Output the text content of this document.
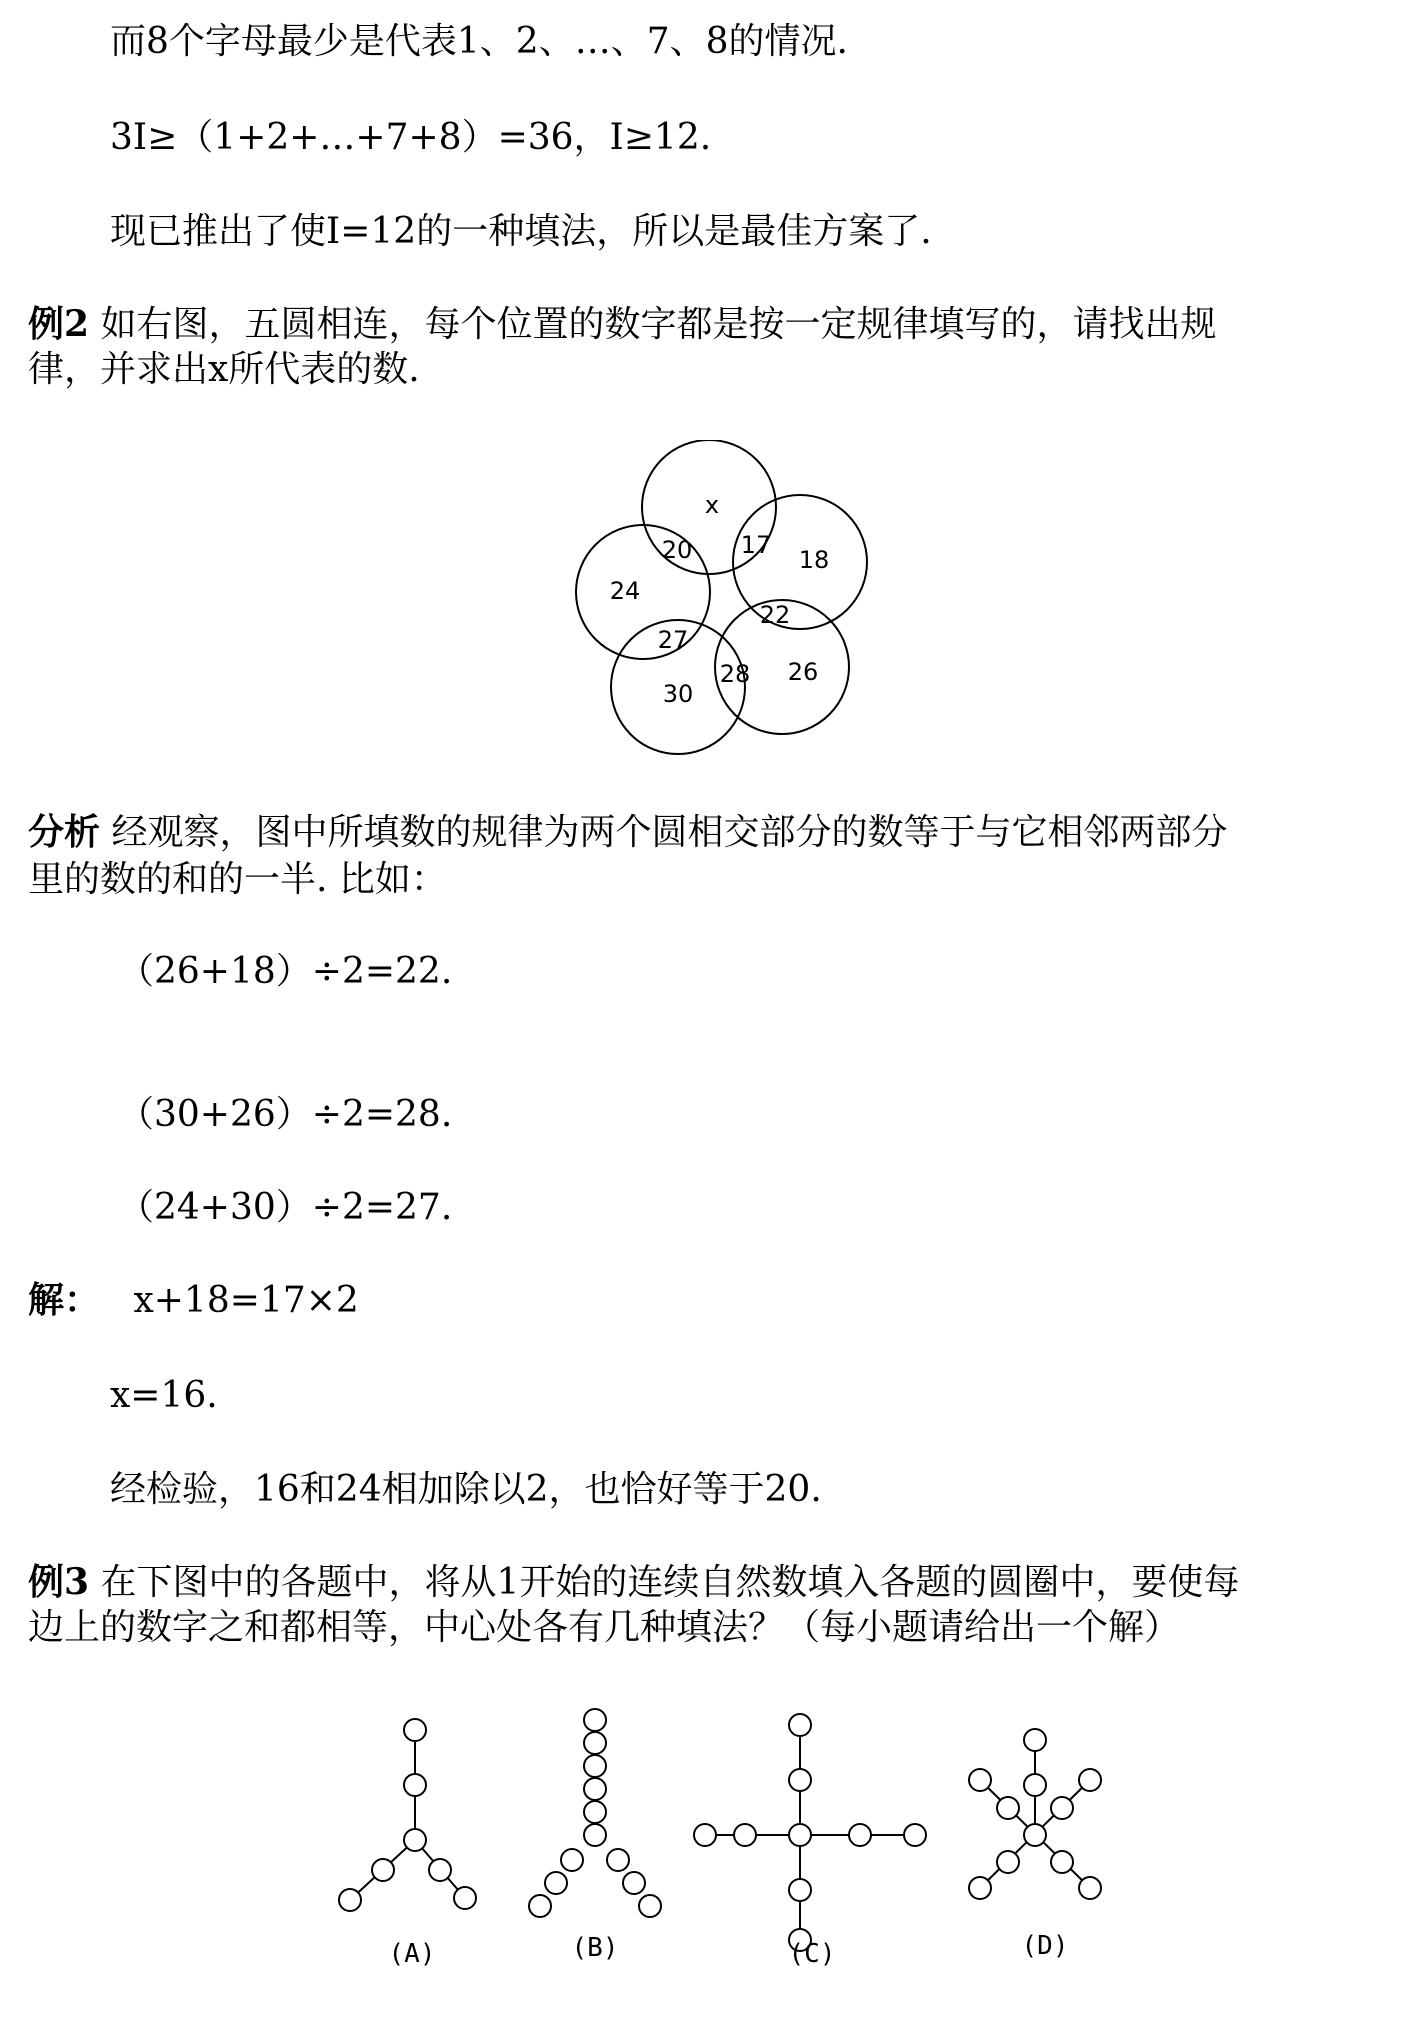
而8个字母最少是代表1、2、…、7、8的情况.
3I≥（1+2+…+7+8）=36，I≥12.
现已推出了使I=12的一种填法，所以是最佳方案了.
例2 如右图，五圆相连，每个位置的数字都是按一定规律填写的，请找出规
律，并求出x所代表的数.
x
20 17
18
24
22
27
28 26
30
分析 经观察，图中所填数的规律为两个圆相交部分的数等于与它相邻两部分
里的数的和的一半. 比如：
（26+18）÷2=22.
（30+26）÷2=28.
（24+30）÷2=27.
解： x+18=17×2
x=16.
经检验，16和24相加除以2，也恰好等于20.
例3 在下图中的各题中，将从1开始的连续自然数填入各题的圆圈中，要使每
边上的数字之和都相等，中心处各有几种填法？（每小题请给出一个解）
(A)	(B)	(C)	(D)
